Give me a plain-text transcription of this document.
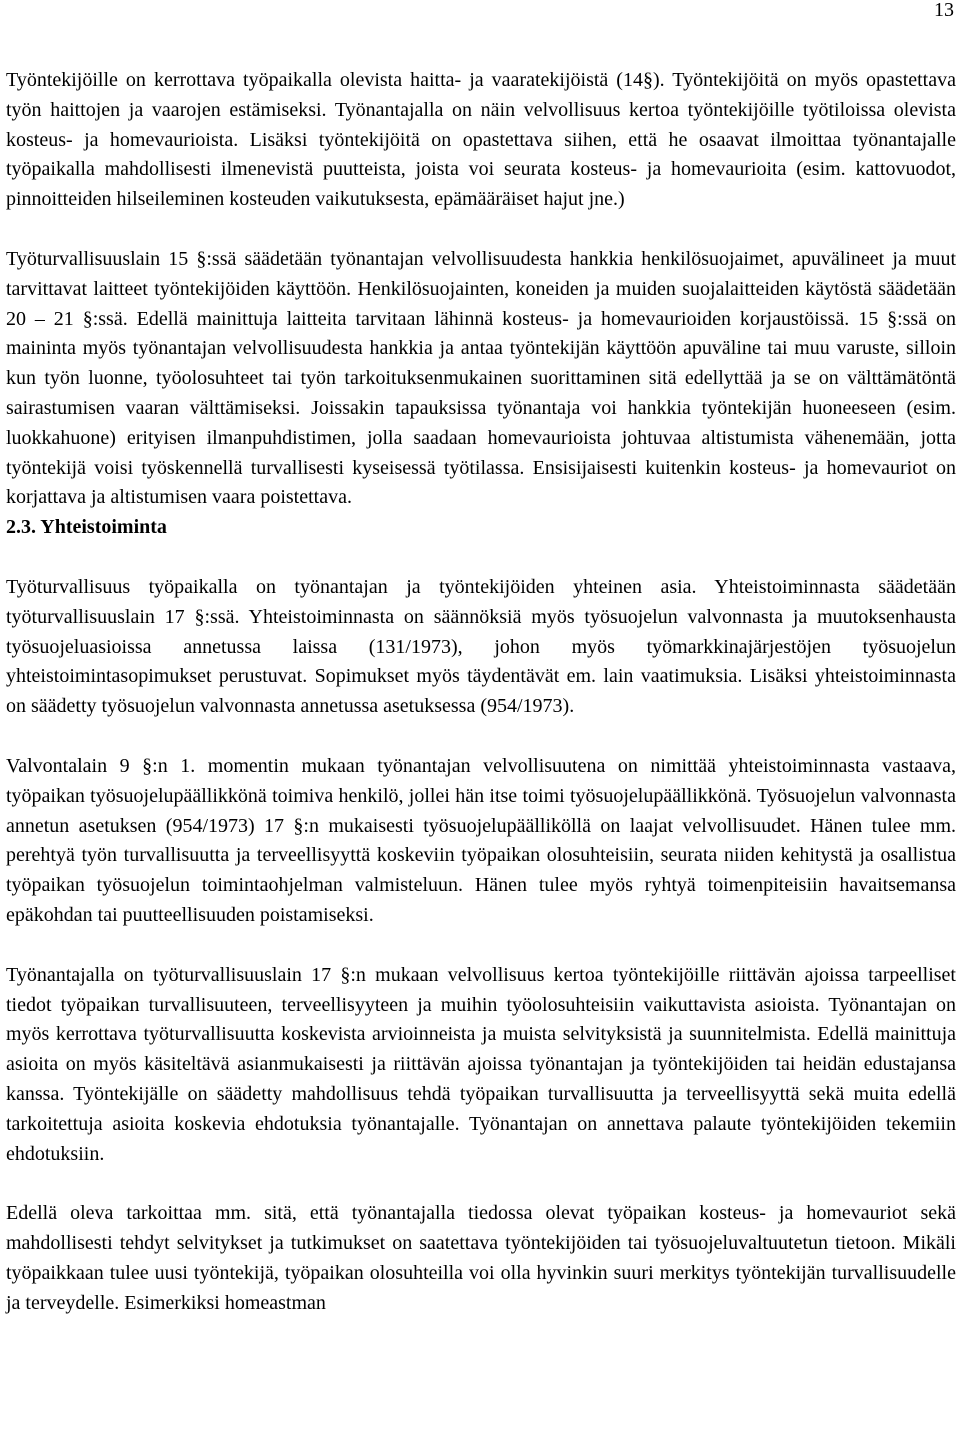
13

Työntekijöille on kerrottava työpaikalla olevista haitta- ja vaaratekijöistä (14§). Työntekijöitä on myös opastettava työn haittojen ja vaarojen estämiseksi. Työnantajalla on näin velvollisuus kertoa työntekijöille työtiloissa olevista kosteus- ja homevaurioista. Lisäksi työntekijöitä on opastettava siihen, että he osaavat ilmoittaa työnantajalle työpaikalla mahdollisesti ilmenevistä puutteista, joista voi seurata kosteus- ja homevaurioita (esim. kattovuodot, pinnoitteiden hilseileminen kosteuden vaikutuksesta, epämääräiset hajut jne.)

Työturvallisuuslain 15 §:ssä säädetään työnantajan velvollisuudesta hankkia henkilösuojaimet, apuvälineet ja muut tarvittavat laitteet työntekijöiden käyttöön. Henkilösuojainten, koneiden ja muiden suojalaitteiden käytöstä säädetään 20 – 21 §:ssä. Edellä mainittuja laitteita tarvitaan lähinnä kosteus- ja homevaurioiden korjaustöissä. 15 §:ssä on maininta myös työnantajan velvollisuudesta hankkia ja antaa työntekijän käyttöön apuväline tai muu varuste, silloin kun työn luonne, työolosuhteet tai työn tarkoituksenmukainen suorittaminen sitä edellyttää ja se on välttämätöntä sairastumisen vaaran välttämiseksi. Joissakin tapauksissa työnantaja voi hankkia työntekijän huoneeseen (esim. luokkahuone) erityisen ilmanpuhdistimen, jolla saadaan homevaurioista johtuvaa altistumista vähenemään, jotta työntekijä voisi työskennellä turvallisesti kyseisessä työtilassa. Ensisijaisesti kuitenkin kosteus- ja homevauriot on korjattava ja altistumisen vaara poistettava.

2.3. Yhteistoiminta

Työturvallisuus työpaikalla on työnantajan ja työntekijöiden yhteinen asia. Yhteistoiminnasta säädetään työturvallisuuslain 17 §:ssä. Yhteistoiminnasta on säännöksiä myös työsuojelun valvonnasta ja muutoksenhausta työsuojeluasioissa annetussa laissa (131/1973), johon myös työmarkkinajärjestöjen työsuojelun yhteistoimintasopimukset perustuvat. Sopimukset myös täydentävät em. lain vaatimuksia. Lisäksi yhteistoiminnasta on säädetty työsuojelun valvonnasta annetussa asetuksessa (954/1973).

Valvontalain 9 §:n 1. momentin mukaan työnantajan velvollisuutena on nimittää yhteistoiminnasta vastaava, työpaikan työsuojelupäällikkönä toimiva henkilö, jollei hän itse toimi työsuojelupäällikkönä. Työsuojelun valvonnasta annetun asetuksen (954/1973) 17 §:n mukaisesti työsuojelupäälliköllä on laajat velvollisuudet. Hänen tulee mm. perehtyä työn turvallisuutta ja terveellisyyttä koskeviin työpaikan olosuhteisiin, seurata niiden kehitystä ja osallistua työpaikan työsuojelun toimintaohjelman valmisteluun. Hänen tulee myös ryhtyä toimenpiteisiin havaitsemansa epäkohdan tai puutteellisuuden poistamiseksi.

Työnantajalla on työturvallisuuslain 17 §:n mukaan velvollisuus kertoa työntekijöille riittävän ajoissa tarpeelliset tiedot työpaikan turvallisuuteen, terveellisyyteen ja muihin työolosuhteisiin vaikuttavista asioista. Työnantajan on myös kerrottava työturvallisuutta koskevista arvioinneista ja muista selvityksistä ja suunnitelmista. Edellä mainittuja asioita on myös käsiteltävä asianmukaisesti ja riittävän ajoissa työnantajan ja työntekijöiden tai heidän edustajansa kanssa. Työntekijälle on säädetty mahdollisuus tehdä työpaikan turvallisuutta ja terveellisyyttä sekä muita edellä tarkoitettuja asioita koskevia ehdotuksia työnantajalle. Työnantajan on annettava palaute työntekijöiden tekemiin ehdotuksiin.

Edellä oleva tarkoittaa mm. sitä, että työnantajalla tiedossa olevat työpaikan kosteus- ja homevauriot sekä mahdollisesti tehdyt selvitykset ja tutkimukset on saatettava työntekijöiden tai työsuojeluvaltuutetun tietoon. Mikäli työpaikkaan tulee uusi työntekijä, työpaikan olosuhteilla voi olla hyvinkin suuri merkitys työntekijän turvallisuudelle ja terveydelle. Esimerkiksi homeastman
